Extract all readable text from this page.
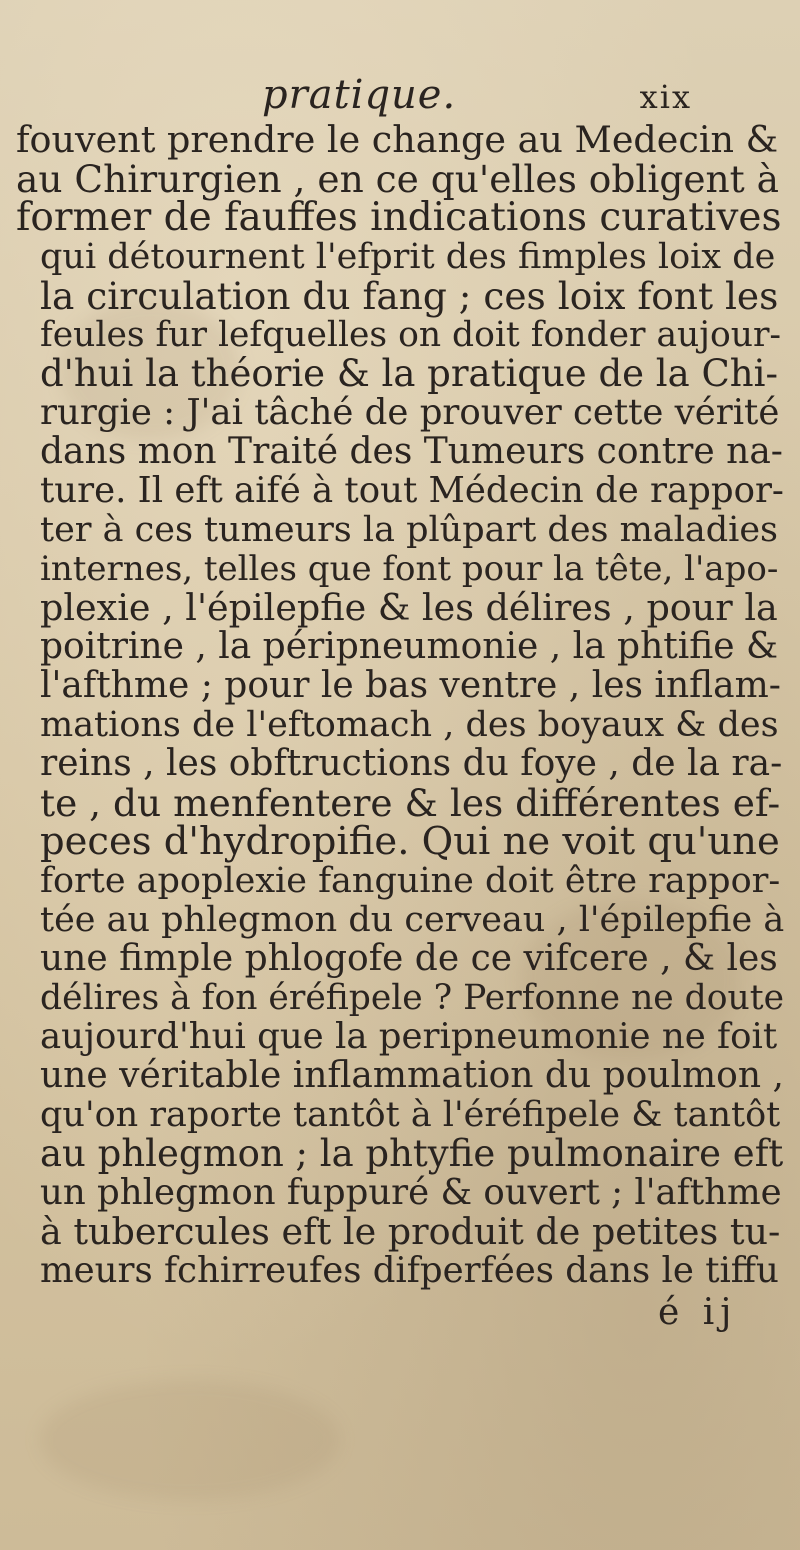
pratique.	xix
fouvent prendre le change au Medecin &
au Chirurgien , en ce qu'elles obligent à
former de fauffes indications curatives
qui détournent l'efprit des fimples loix de
la circulation du fang ; ces loix font les
feules fur lefquelles on doit fonder aujour-
d'hui la théorie & la pratique de la Chi-
rurgie : J'ai tâché de prouver cette vérité
dans mon Traité des Tumeurs contre na-
ture. Il eft aifé à tout Médecin de rappor-
ter à ces tumeurs la plûpart des maladies
internes, telles que font pour la tête, l'apo-
plexie , l'épilepfie & les délires , pour la
poitrine , la péripneumonie , la phtifie &
l'afthme ; pour le bas ventre , les inflam-
mations de l'eftomach , des boyaux & des
reins , les obftructions du foye , de la ra-
te , du menfentere & les différentes ef-
peces d'hydropifie. Qui ne voit qu'une
forte apoplexie fanguine doit être rappor-
tée au phlegmon du cerveau , l'épilepfie à
une fimple phlogofe de ce vifcere , & les
délires à fon éréfipele ? Perfonne ne doute
aujourd'hui que la peripneumonie ne foit
une véritable inflammation du poulmon ,
qu'on raporte tantôt à l'éréfipele & tantôt
au phlegmon ; la phtyfie pulmonaire eft
un phlegmon fuppuré & ouvert ; l'afthme
à tubercules eft le produit de petites tu-
meurs fchirreufes difperfées dans le tiffu
é ij
